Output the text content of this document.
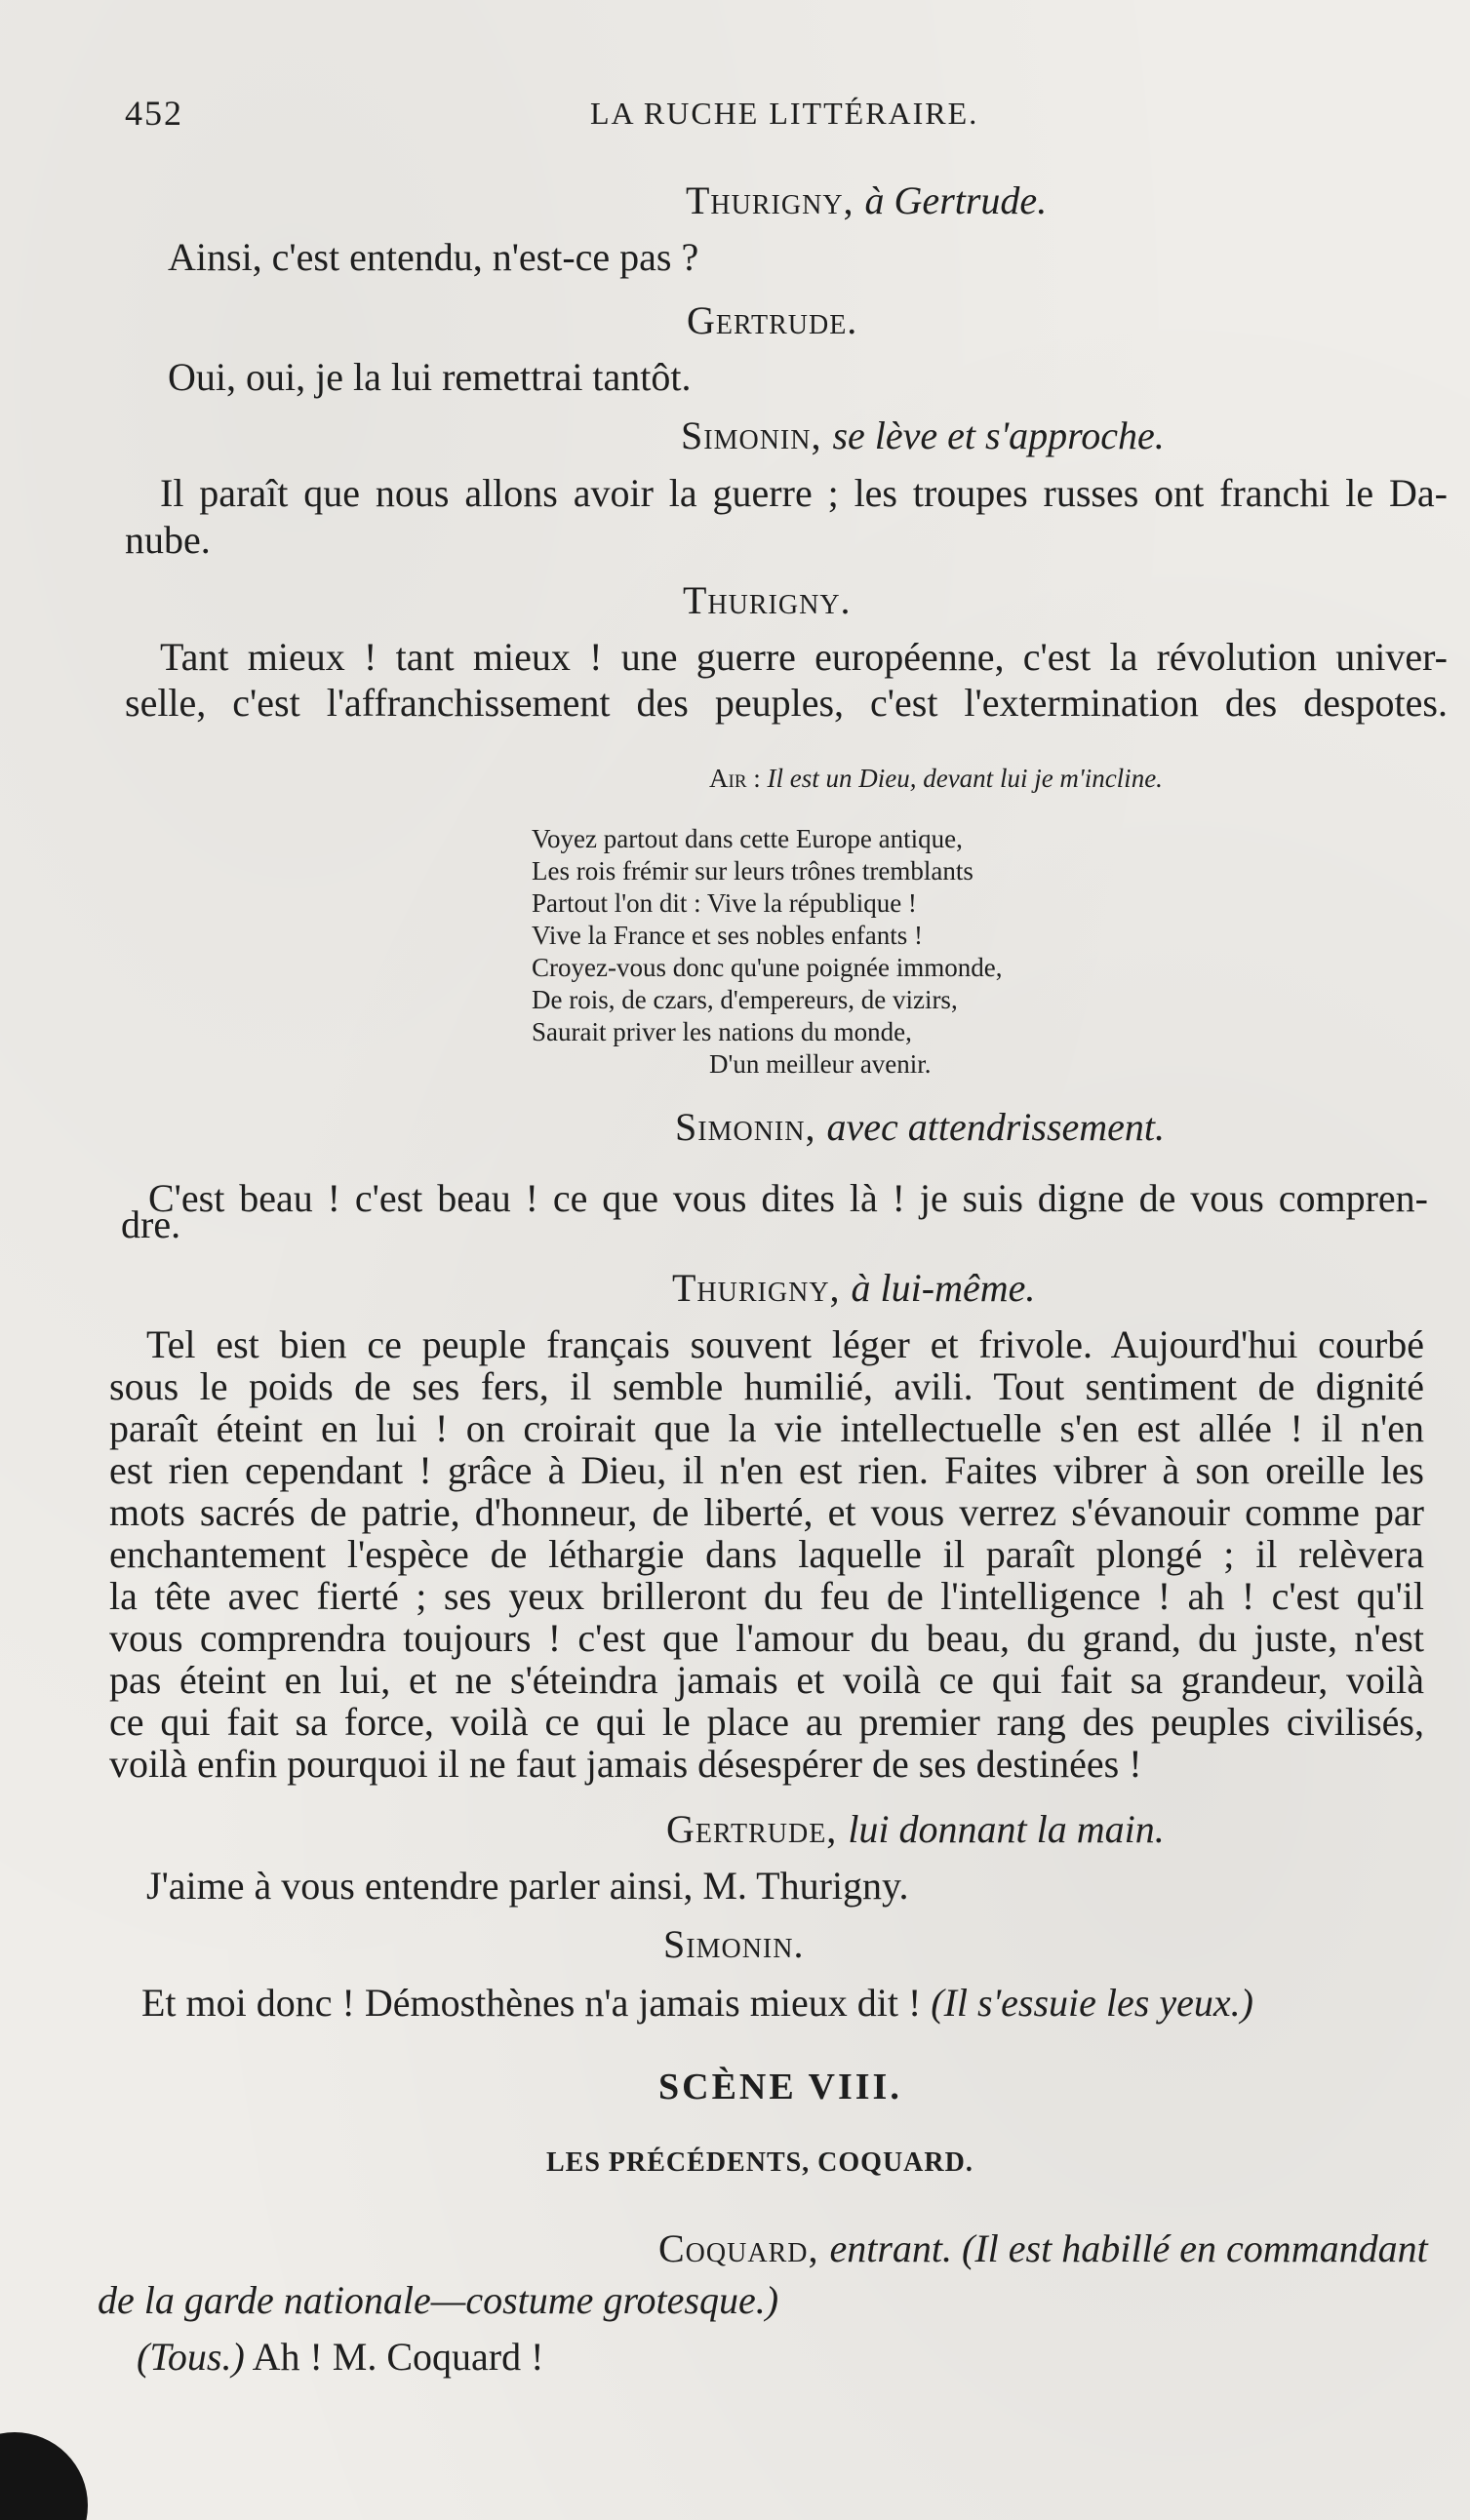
452	LA RUCHE LITTÉRAIRE.
Thurigny, à Gertrude.
Ainsi, c'est entendu, n'est-ce pas ?
Gertrude.
Oui, oui, je la lui remettrai tantôt.
Simonin, se lève et s'approche.
Il paraît que nous allons avoir la guerre ; les troupes russes ont franchi le Da-
nube.
Thurigny.
Tant mieux ! tant mieux ! une guerre européenne, c'est la révolution univer-
selle, c'est l'affranchissement des peuples, c'est l'extermination des despotes.
Air : Il est un Dieu, devant lui je m'incline.
Voyez partout dans cette Europe antique,
Les rois frémir sur leurs trônes tremblants
Partout l'on dit : Vive la république !
Vive la France et ses nobles enfants !
Croyez-vous donc qu'une poignée immonde,
De rois, de czars, d'empereurs, de vizirs,
Saurait priver les nations du monde,
D'un meilleur avenir.
Simonin, avec attendrissement.
C'est beau ! c'est beau ! ce que vous dites là ! je suis digne de vous compren-
dre.
Thurigny, à lui-même.
Tel est bien ce peuple français souvent léger et frivole. Aujourd'hui courbé
sous le poids de ses fers, il semble humilié, avili. Tout sentiment de dignité
paraît éteint en lui ! on croirait que la vie intellectuelle s'en est allée ! il n'en
est rien cependant ! grâce à Dieu, il n'en est rien. Faites vibrer à son oreille les
mots sacrés de patrie, d'honneur, de liberté, et vous verrez s'évanouir comme par
enchantement l'espèce de léthargie dans laquelle il paraît plongé ; il relèvera
la tête avec fierté ; ses yeux brilleront du feu de l'intelligence ! ah ! c'est qu'il
vous comprendra toujours ! c'est que l'amour du beau, du grand, du juste, n'est
pas éteint en lui, et ne s'éteindra jamais et voilà ce qui fait sa grandeur, voilà
ce qui fait sa force, voilà ce qui le place au premier rang des peuples civilisés,
voilà enfin pourquoi il ne faut jamais désespérer de ses destinées !
Gertrude, lui donnant la main.
J'aime à vous entendre parler ainsi, M. Thurigny.
Simonin.
Et moi donc ! Démosthènes n'a jamais mieux dit ! (Il s'essuie les yeux.)
SCÈNE VIII.
LES PRÉCÉDENTS, COQUARD.
Coquard, entrant. (Il est habillé en commandant
de la garde nationale—costume grotesque.)
(Tous.) Ah ! M. Coquard !
